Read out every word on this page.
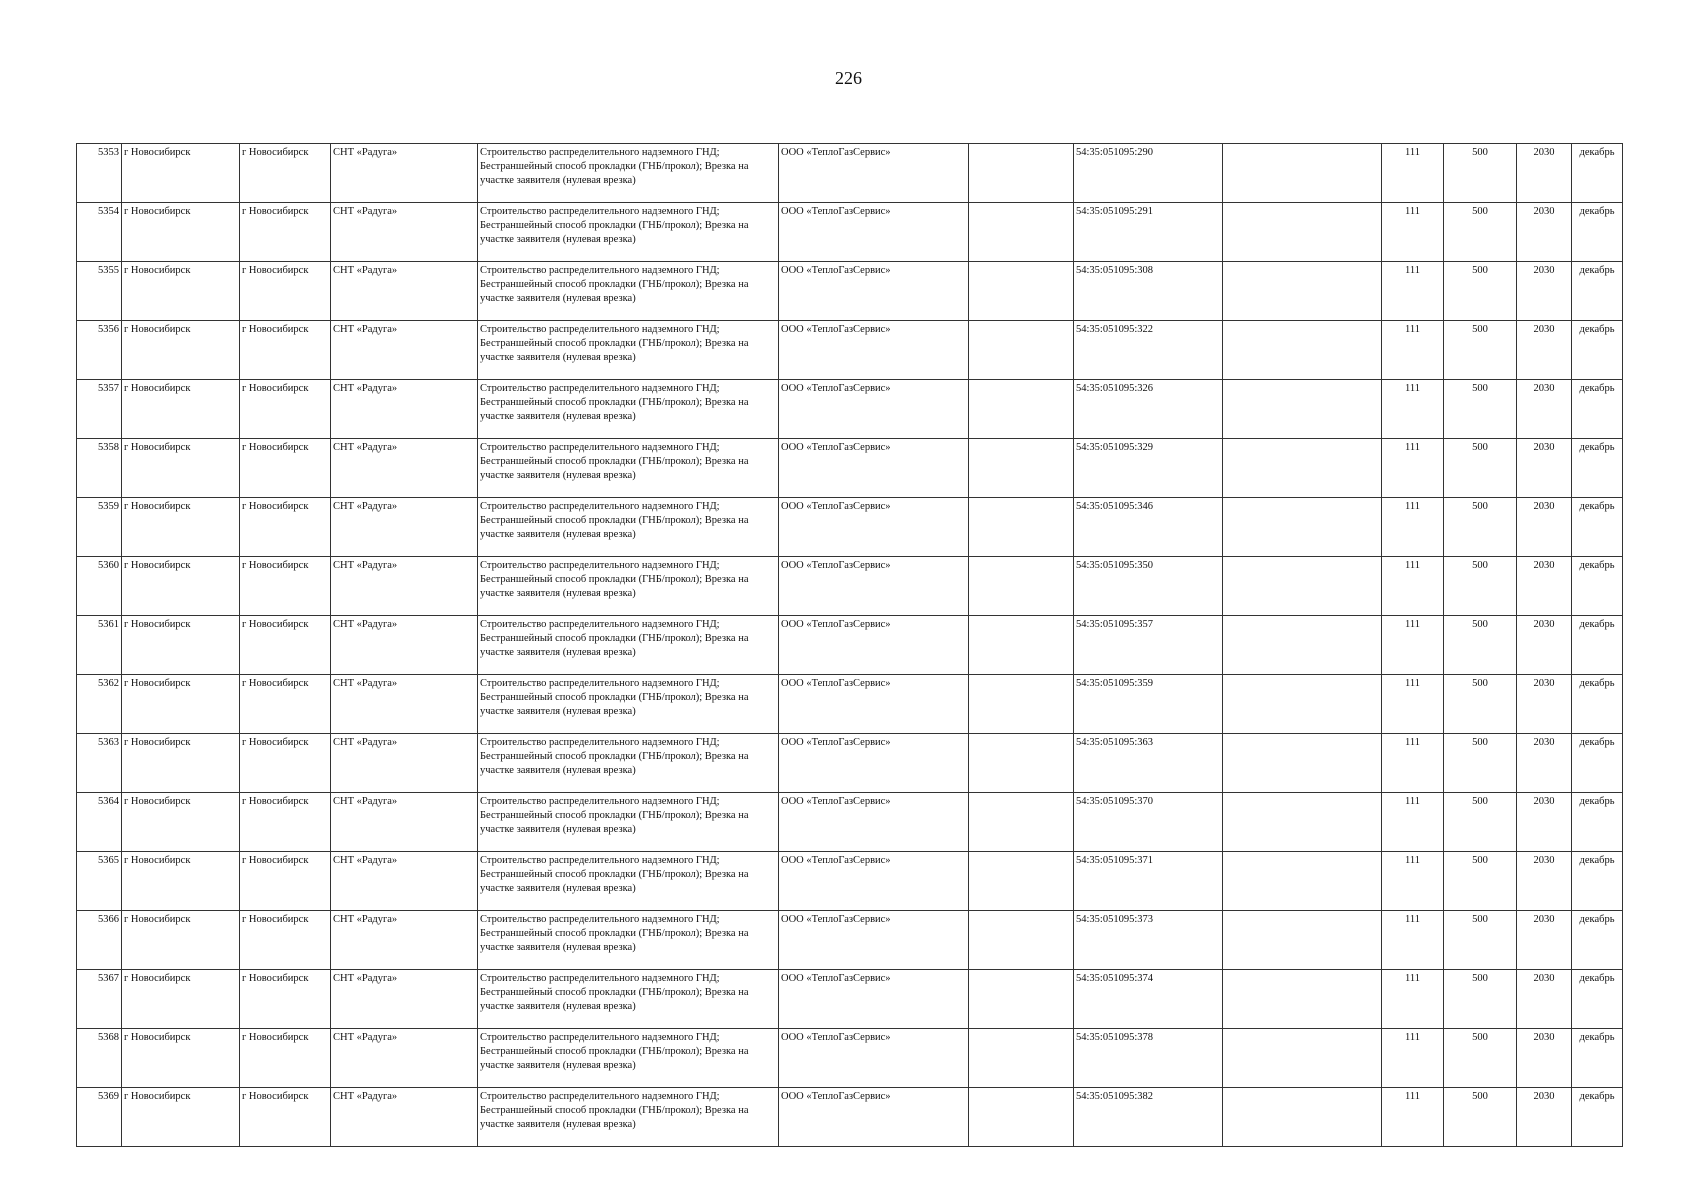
226
5353	г Новосибирск	г Новосибирск	СНТ «Радуга»	Строительство распределительного надземного ГНД; Бестраншейный способ прокладки (ГНБ/прокол); Врезка на участке заявителя (нулевая врезка)	ООО «ТеплоГазСервис»		54:35:051095:290		111	500	2030	декабрь
5354	г Новосибирск	г Новосибирск	СНТ «Радуга»	Строительство распределительного надземного ГНД; Бестраншейный способ прокладки (ГНБ/прокол); Врезка на участке заявителя (нулевая врезка)	ООО «ТеплоГазСервис»		54:35:051095:291		111	500	2030	декабрь
5355	г Новосибирск	г Новосибирск	СНТ «Радуга»	Строительство распределительного надземного ГНД; Бестраншейный способ прокладки (ГНБ/прокол); Врезка на участке заявителя (нулевая врезка)	ООО «ТеплоГазСервис»		54:35:051095:308		111	500	2030	декабрь
5356	г Новосибирск	г Новосибирск	СНТ «Радуга»	Строительство распределительного надземного ГНД; Бестраншейный способ прокладки (ГНБ/прокол); Врезка на участке заявителя (нулевая врезка)	ООО «ТеплоГазСервис»		54:35:051095:322		111	500	2030	декабрь
5357	г Новосибирск	г Новосибирск	СНТ «Радуга»	Строительство распределительного надземного ГНД; Бестраншейный способ прокладки (ГНБ/прокол); Врезка на участке заявителя (нулевая врезка)	ООО «ТеплоГазСервис»		54:35:051095:326		111	500	2030	декабрь
5358	г Новосибирск	г Новосибирск	СНТ «Радуга»	Строительство распределительного надземного ГНД; Бестраншейный способ прокладки (ГНБ/прокол); Врезка на участке заявителя (нулевая врезка)	ООО «ТеплоГазСервис»		54:35:051095:329		111	500	2030	декабрь
5359	г Новосибирск	г Новосибирск	СНТ «Радуга»	Строительство распределительного надземного ГНД; Бестраншейный способ прокладки (ГНБ/прокол); Врезка на участке заявителя (нулевая врезка)	ООО «ТеплоГазСервис»		54:35:051095:346		111	500	2030	декабрь
5360	г Новосибирск	г Новосибирск	СНТ «Радуга»	Строительство распределительного надземного ГНД; Бестраншейный способ прокладки (ГНБ/прокол); Врезка на участке заявителя (нулевая врезка)	ООО «ТеплоГазСервис»		54:35:051095:350		111	500	2030	декабрь
5361	г Новосибирск	г Новосибирск	СНТ «Радуга»	Строительство распределительного надземного ГНД; Бестраншейный способ прокладки (ГНБ/прокол); Врезка на участке заявителя (нулевая врезка)	ООО «ТеплоГазСервис»		54:35:051095:357		111	500	2030	декабрь
5362	г Новосибирск	г Новосибирск	СНТ «Радуга»	Строительство распределительного надземного ГНД; Бестраншейный способ прокладки (ГНБ/прокол); Врезка на участке заявителя (нулевая врезка)	ООО «ТеплоГазСервис»		54:35:051095:359		111	500	2030	декабрь
5363	г Новосибирск	г Новосибирск	СНТ «Радуга»	Строительство распределительного надземного ГНД; Бестраншейный способ прокладки (ГНБ/прокол); Врезка на участке заявителя (нулевая врезка)	ООО «ТеплоГазСервис»		54:35:051095:363		111	500	2030	декабрь
5364	г Новосибирск	г Новосибирск	СНТ «Радуга»	Строительство распределительного надземного ГНД; Бестраншейный способ прокладки (ГНБ/прокол); Врезка на участке заявителя (нулевая врезка)	ООО «ТеплоГазСервис»		54:35:051095:370		111	500	2030	декабрь
5365	г Новосибирск	г Новосибирск	СНТ «Радуга»	Строительство распределительного надземного ГНД; Бестраншейный способ прокладки (ГНБ/прокол); Врезка на участке заявителя (нулевая врезка)	ООО «ТеплоГазСервис»		54:35:051095:371		111	500	2030	декабрь
5366	г Новосибирск	г Новосибирск	СНТ «Радуга»	Строительство распределительного надземного ГНД; Бестраншейный способ прокладки (ГНБ/прокол); Врезка на участке заявителя (нулевая врезка)	ООО «ТеплоГазСервис»		54:35:051095:373		111	500	2030	декабрь
5367	г Новосибирск	г Новосибирск	СНТ «Радуга»	Строительство распределительного надземного ГНД; Бестраншейный способ прокладки (ГНБ/прокол); Врезка на участке заявителя (нулевая врезка)	ООО «ТеплоГазСервис»		54:35:051095:374		111	500	2030	декабрь
5368	г Новосибирск	г Новосибирск	СНТ «Радуга»	Строительство распределительного надземного ГНД; Бестраншейный способ прокладки (ГНБ/прокол); Врезка на участке заявителя (нулевая врезка)	ООО «ТеплоГазСервис»		54:35:051095:378		111	500	2030	декабрь
5369	г Новосибирск	г Новосибирск	СНТ «Радуга»	Строительство распределительного надземного ГНД; Бестраншейный способ прокладки (ГНБ/прокол); Врезка на участке заявителя (нулевая врезка)	ООО «ТеплоГазСервис»		54:35:051095:382		111	500	2030	декабрь
